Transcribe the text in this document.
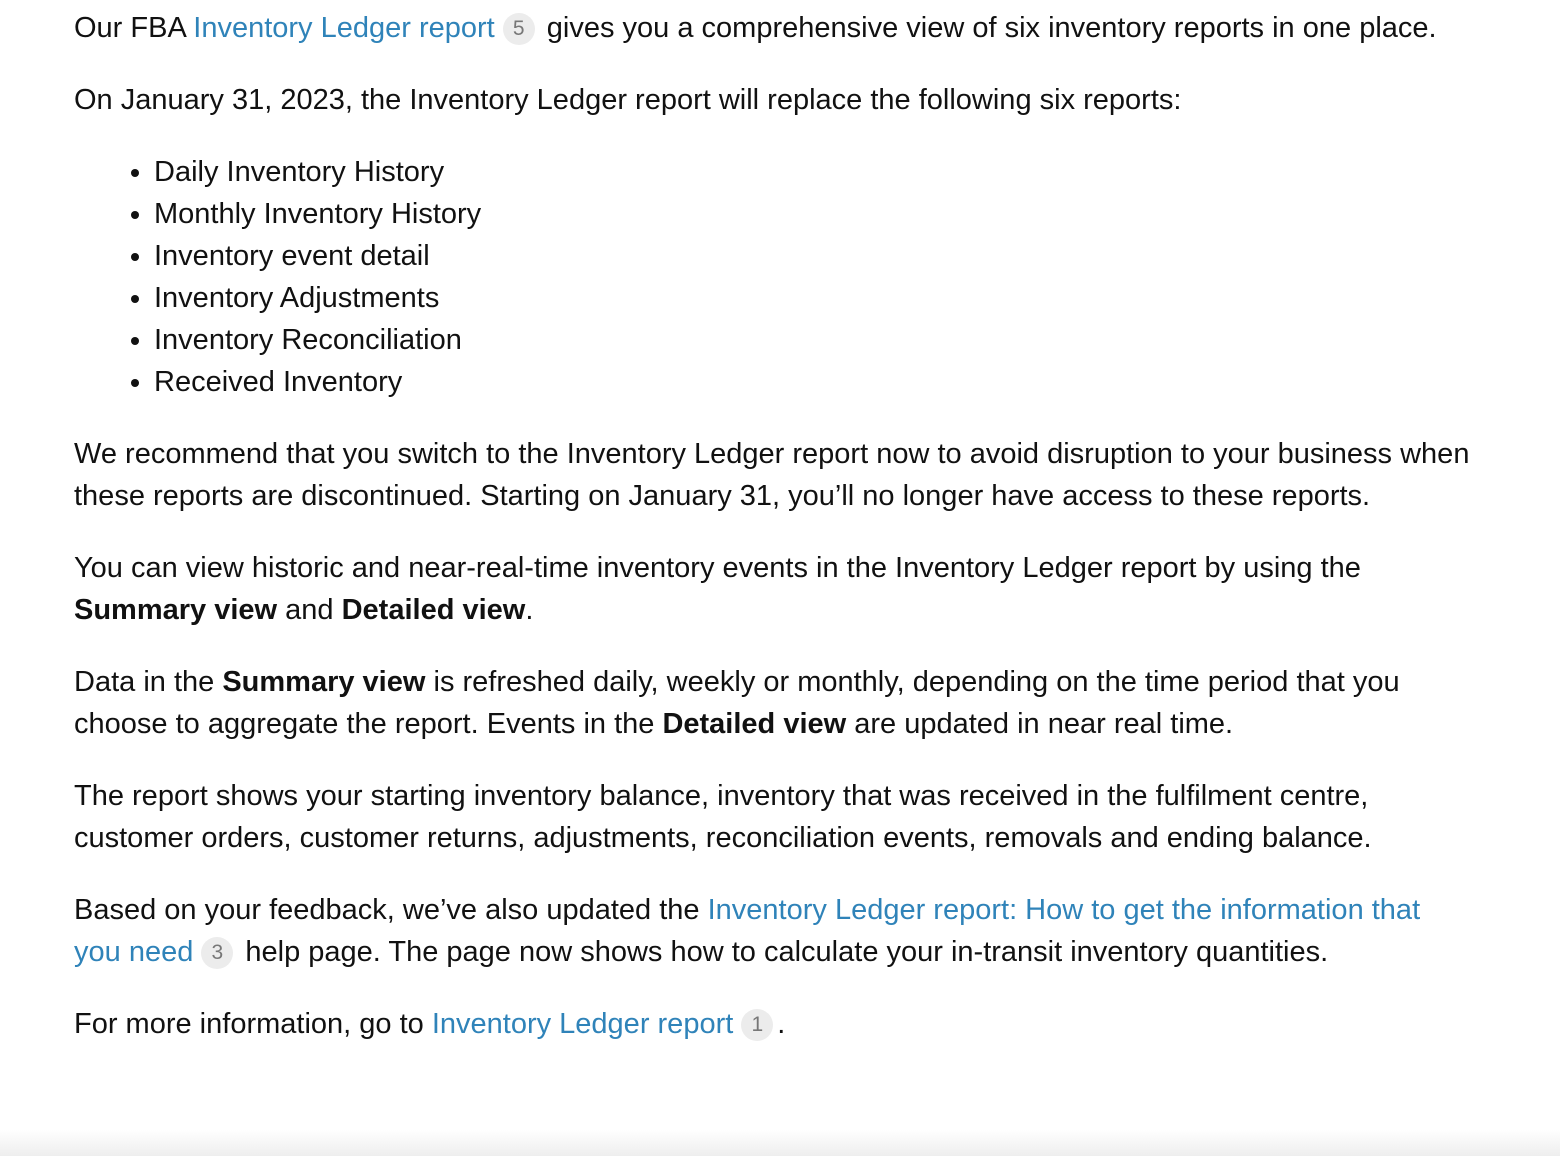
Our FBA Inventory Ledger report 5 gives you a comprehensive view of six inventory reports in one place.

On January 31, 2023, the Inventory Ledger report will replace the following six reports:

• Daily Inventory History
• Monthly Inventory History
• Inventory event detail
• Inventory Adjustments
• Inventory Reconciliation
• Received Inventory

We recommend that you switch to the Inventory Ledger report now to avoid disruption to your business when these reports are discontinued. Starting on January 31, you’ll no longer have access to these reports.

You can view historic and near-real-time inventory events in the Inventory Ledger report by using the Summary view and Detailed view.

Data in the Summary view is refreshed daily, weekly or monthly, depending on the time period that you choose to aggregate the report. Events in the Detailed view are updated in near real time.

The report shows your starting inventory balance, inventory that was received in the fulfilment centre, customer orders, customer returns, adjustments, reconciliation events, removals and ending balance.

Based on your feedback, we’ve also updated the Inventory Ledger report: How to get the information that you need 3 help page. The page now shows how to calculate your in-transit inventory quantities.

For more information, go to Inventory Ledger report 1 .
